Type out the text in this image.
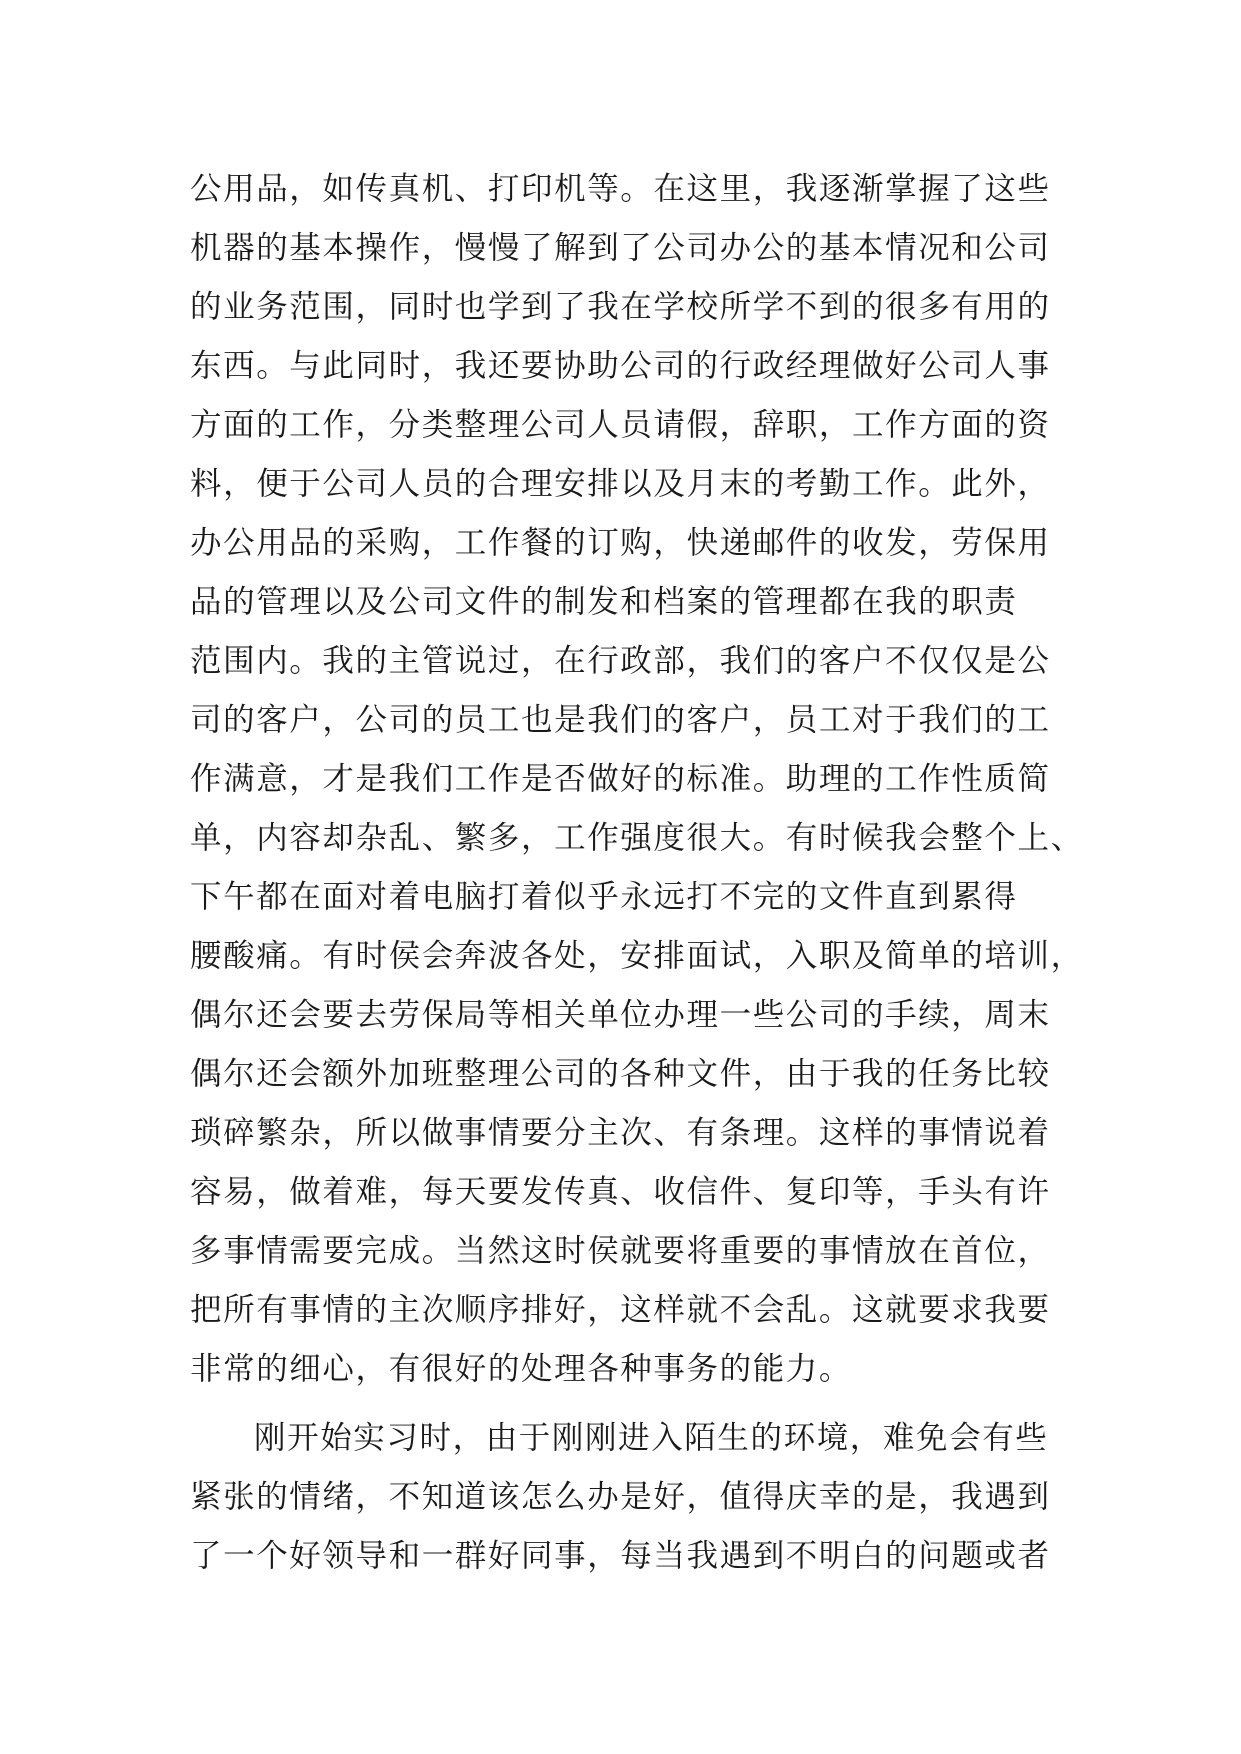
公用品，如传真机、打印机等。在这里，我逐渐掌握了这些
机器的基本操作，慢慢了解到了公司办公的基本情况和公司
的业务范围，同时也学到了我在学校所学不到的很多有用的
东西。与此同时，我还要协助公司的行政经理做好公司人事
方面的工作，分类整理公司人员请假，辞职，工作方面的资
料，便于公司人员的合理安排以及月末的考勤工作。此外，
办公用品的采购，工作餐的订购，快递邮件的收发，劳保用
品的管理以及公司文件的制发和档案的管理都在我的职责
范围内。我的主管说过，在行政部，我们的客户不仅仅是公
司的客户，公司的员工也是我们的客户，员工对于我们的工
作满意，才是我们工作是否做好的标准。助理的工作性质简
单，内容却杂乱、繁多，工作强度很大。有时候我会整个上、
下午都在面对着电脑打着似乎永远打不完的文件直到累得
腰酸痛。有时侯会奔波各处，安排面试，入职及简单的培训，
偶尔还会要去劳保局等相关单位办理一些公司的手续，周末
偶尔还会额外加班整理公司的各种文件，由于我的任务比较
琐碎繁杂，所以做事情要分主次、有条理。这样的事情说着
容易，做着难，每天要发传真、收信件、复印等，手头有许
多事情需要完成。当然这时侯就要将重要的事情放在首位，
把所有事情的主次顺序排好，这样就不会乱。这就要求我要
非常的细心，有很好的处理各种事务的能力。
刚开始实习时，由于刚刚进入陌生的环境，难免会有些
紧张的情绪，不知道该怎么办是好，值得庆幸的是，我遇到
了一个好领导和一群好同事，每当我遇到不明白的问题或者
